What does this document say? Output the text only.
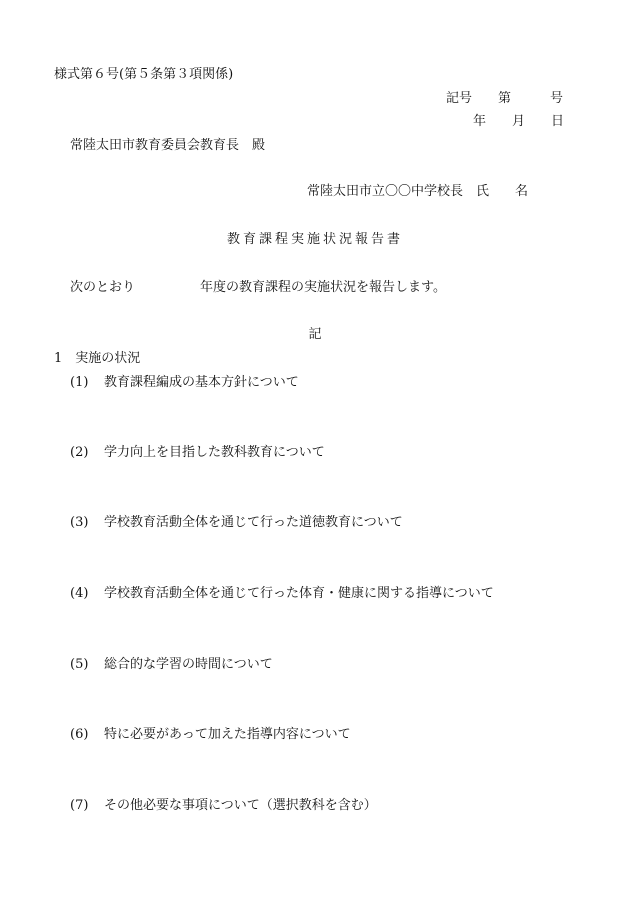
様式第６号(第５条第３項関係)
記号　　第　　　号
年　　月　　日
常陸太田市教育委員会教育長　殿
常陸太田市立〇〇中学校長　氏　　名
教育課程実施状況報告書
次のとおり　　　　　年度の教育課程の実施状況を報告します。
記
1　 実施の状況
(1) 教育課程編成の基本方針について
(2) 学力向上を目指した教科教育について
(3) 学校教育活動全体を通じて行った道徳教育について
(4) 学校教育活動全体を通じて行った体育・健康に関する指導について
(5) 総合的な学習の時間について
(6) 特に必要があって加えた指導内容について
(7) その他必要な事項について（選択教科を含む）
